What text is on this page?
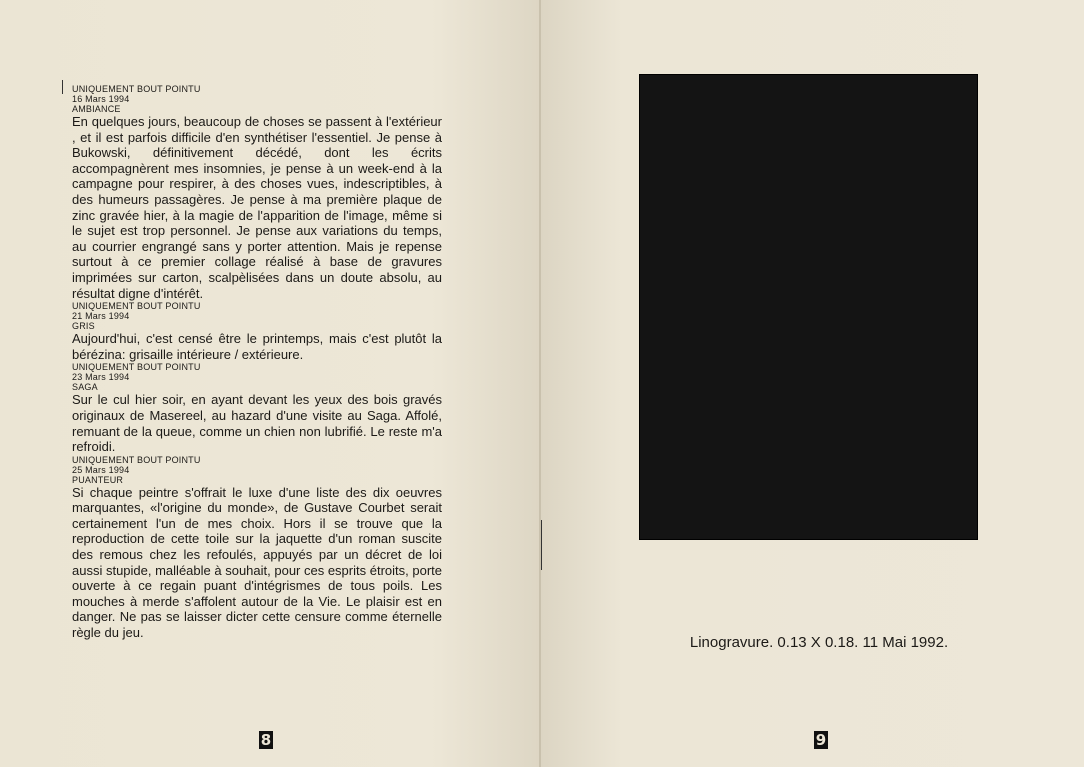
UNIQUEMENT BOUT POINTU
16 Mars 1994
AMBIANCE

En quelques jours, beaucoup de choses se passent à l'extérieur , et il est parfois difficile d'en synthétiser l'essentiel. Je pense à Bukowski, définitivement décédé, dont les écrits accompagnèrent mes insomnies, je pense à un week-end à la campagne pour respirer, à des choses vues, indescriptibles, à des humeurs passagères. Je pense à ma première plaque de zinc gravée hier, à la magie de l'apparition de l'image, même si le sujet est trop personnel. Je pense aux variations du temps, au courrier engrangé sans y porter attention. Mais je repense surtout à ce premier collage réalisé à base de gravures imprimées sur carton, scalpèlisées dans un doute absolu, au résultat digne d'intérêt.

UNIQUEMENT BOUT POINTU
21 Mars 1994
GRIS

Aujourd'hui, c'est censé être le printemps, mais c'est plutôt la bérézina: grisaille intérieure / extérieure.

UNIQUEMENT BOUT POINTU
23 Mars 1994
SAGA

Sur le cul hier soir, en ayant devant les yeux des bois gravés originaux de Masereel, au hazard d'une visite au Saga. Affolé, remuant de la queue, comme un chien non lubrifié. Le reste m'a refroidi.

UNIQUEMENT BOUT POINTU
25 Mars 1994
PUANTEUR

Si chaque peintre s'offrait le luxe d'une liste des dix oeuvres marquantes, «l'origine du monde», de Gustave Courbet serait certainement l'un de mes choix. Hors il se trouve que la reproduction de cette toile sur la jaquette d'un roman suscite des remous chez les refoulés, appuyés par un décret de loi aussi stupide, malléable à souhait, pour ces esprits étroits, porte ouverte à ce regain puant d'intégrismes de tous poils. Les mouches à merde s'affolent autour de la Vie. Le plaisir est en danger. Ne pas se laisser dicter cette censure comme éternelle règle du jeu.

8
Linogravure. 0.13 X 0.18. 11 Mai 1992.
9
